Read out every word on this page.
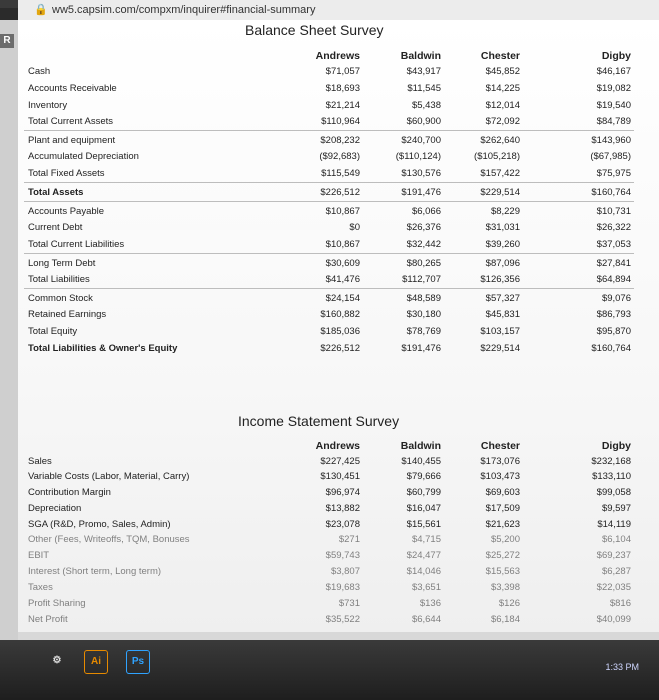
🔒 ww5.capsim.com/compxm/inquirer#financial-summary
R
Balance Sheet Survey
Andrews	Baldwin	Chester	Digby
Cash	$71,057	$43,917	$45,852	$46,167
Accounts Receivable	$18,693	$11,545	$14,225	$19,082
Inventory	$21,214	$5,438	$12,014	$19,540
Total Current Assets	$110,964	$60,900	$72,092	$84,789
Plant and equipment	$208,232	$240,700	$262,640	$143,960
Accumulated Depreciation	($92,683)	($110,124)	($105,218)	($67,985)
Total Fixed Assets	$115,549	$130,576	$157,422	$75,975
Total Assets	$226,512	$191,476	$229,514	$160,764
Accounts Payable	$10,867	$6,066	$8,229	$10,731
Current Debt	$0	$26,376	$31,031	$26,322
Total Current Liabilities	$10,867	$32,442	$39,260	$37,053
Long Term Debt	$30,609	$80,265	$87,096	$27,841
Total Liabilities	$41,476	$112,707	$126,356	$64,894
Common Stock	$24,154	$48,589	$57,327	$9,076
Retained Earnings	$160,882	$30,180	$45,831	$86,793
Total Equity	$185,036	$78,769	$103,157	$95,870
Total Liabilities & Owner's Equity	$226,512	$191,476	$229,514	$160,764
Income Statement Survey
Andrews	Baldwin	Chester	Digby
Sales	$227,425	$140,455	$173,076	$232,168
Variable Costs (Labor, Material, Carry)	$130,451	$79,666	$103,473	$133,110
Contribution Margin	$96,974	$60,799	$69,603	$99,058
Depreciation	$13,882	$16,047	$17,509	$9,597
SGA (R&D, Promo, Sales, Admin)	$23,078	$15,561	$21,623	$14,119
Other (Fees, Writeoffs, TQM, Bonuses	$271	$4,715	$5,200	$6,104
EBIT	$59,743	$24,477	$25,272	$69,237
Interest (Short term, Long term)	$3,807	$14,046	$15,563	$6,287
Taxes	$19,683	$3,651	$3,398	$22,035
Profit Sharing	$731	$136	$126	$816
Net Profit	$35,522	$6,644	$6,184	$40,099
⚙	Ai	Ps	1:33 PM
